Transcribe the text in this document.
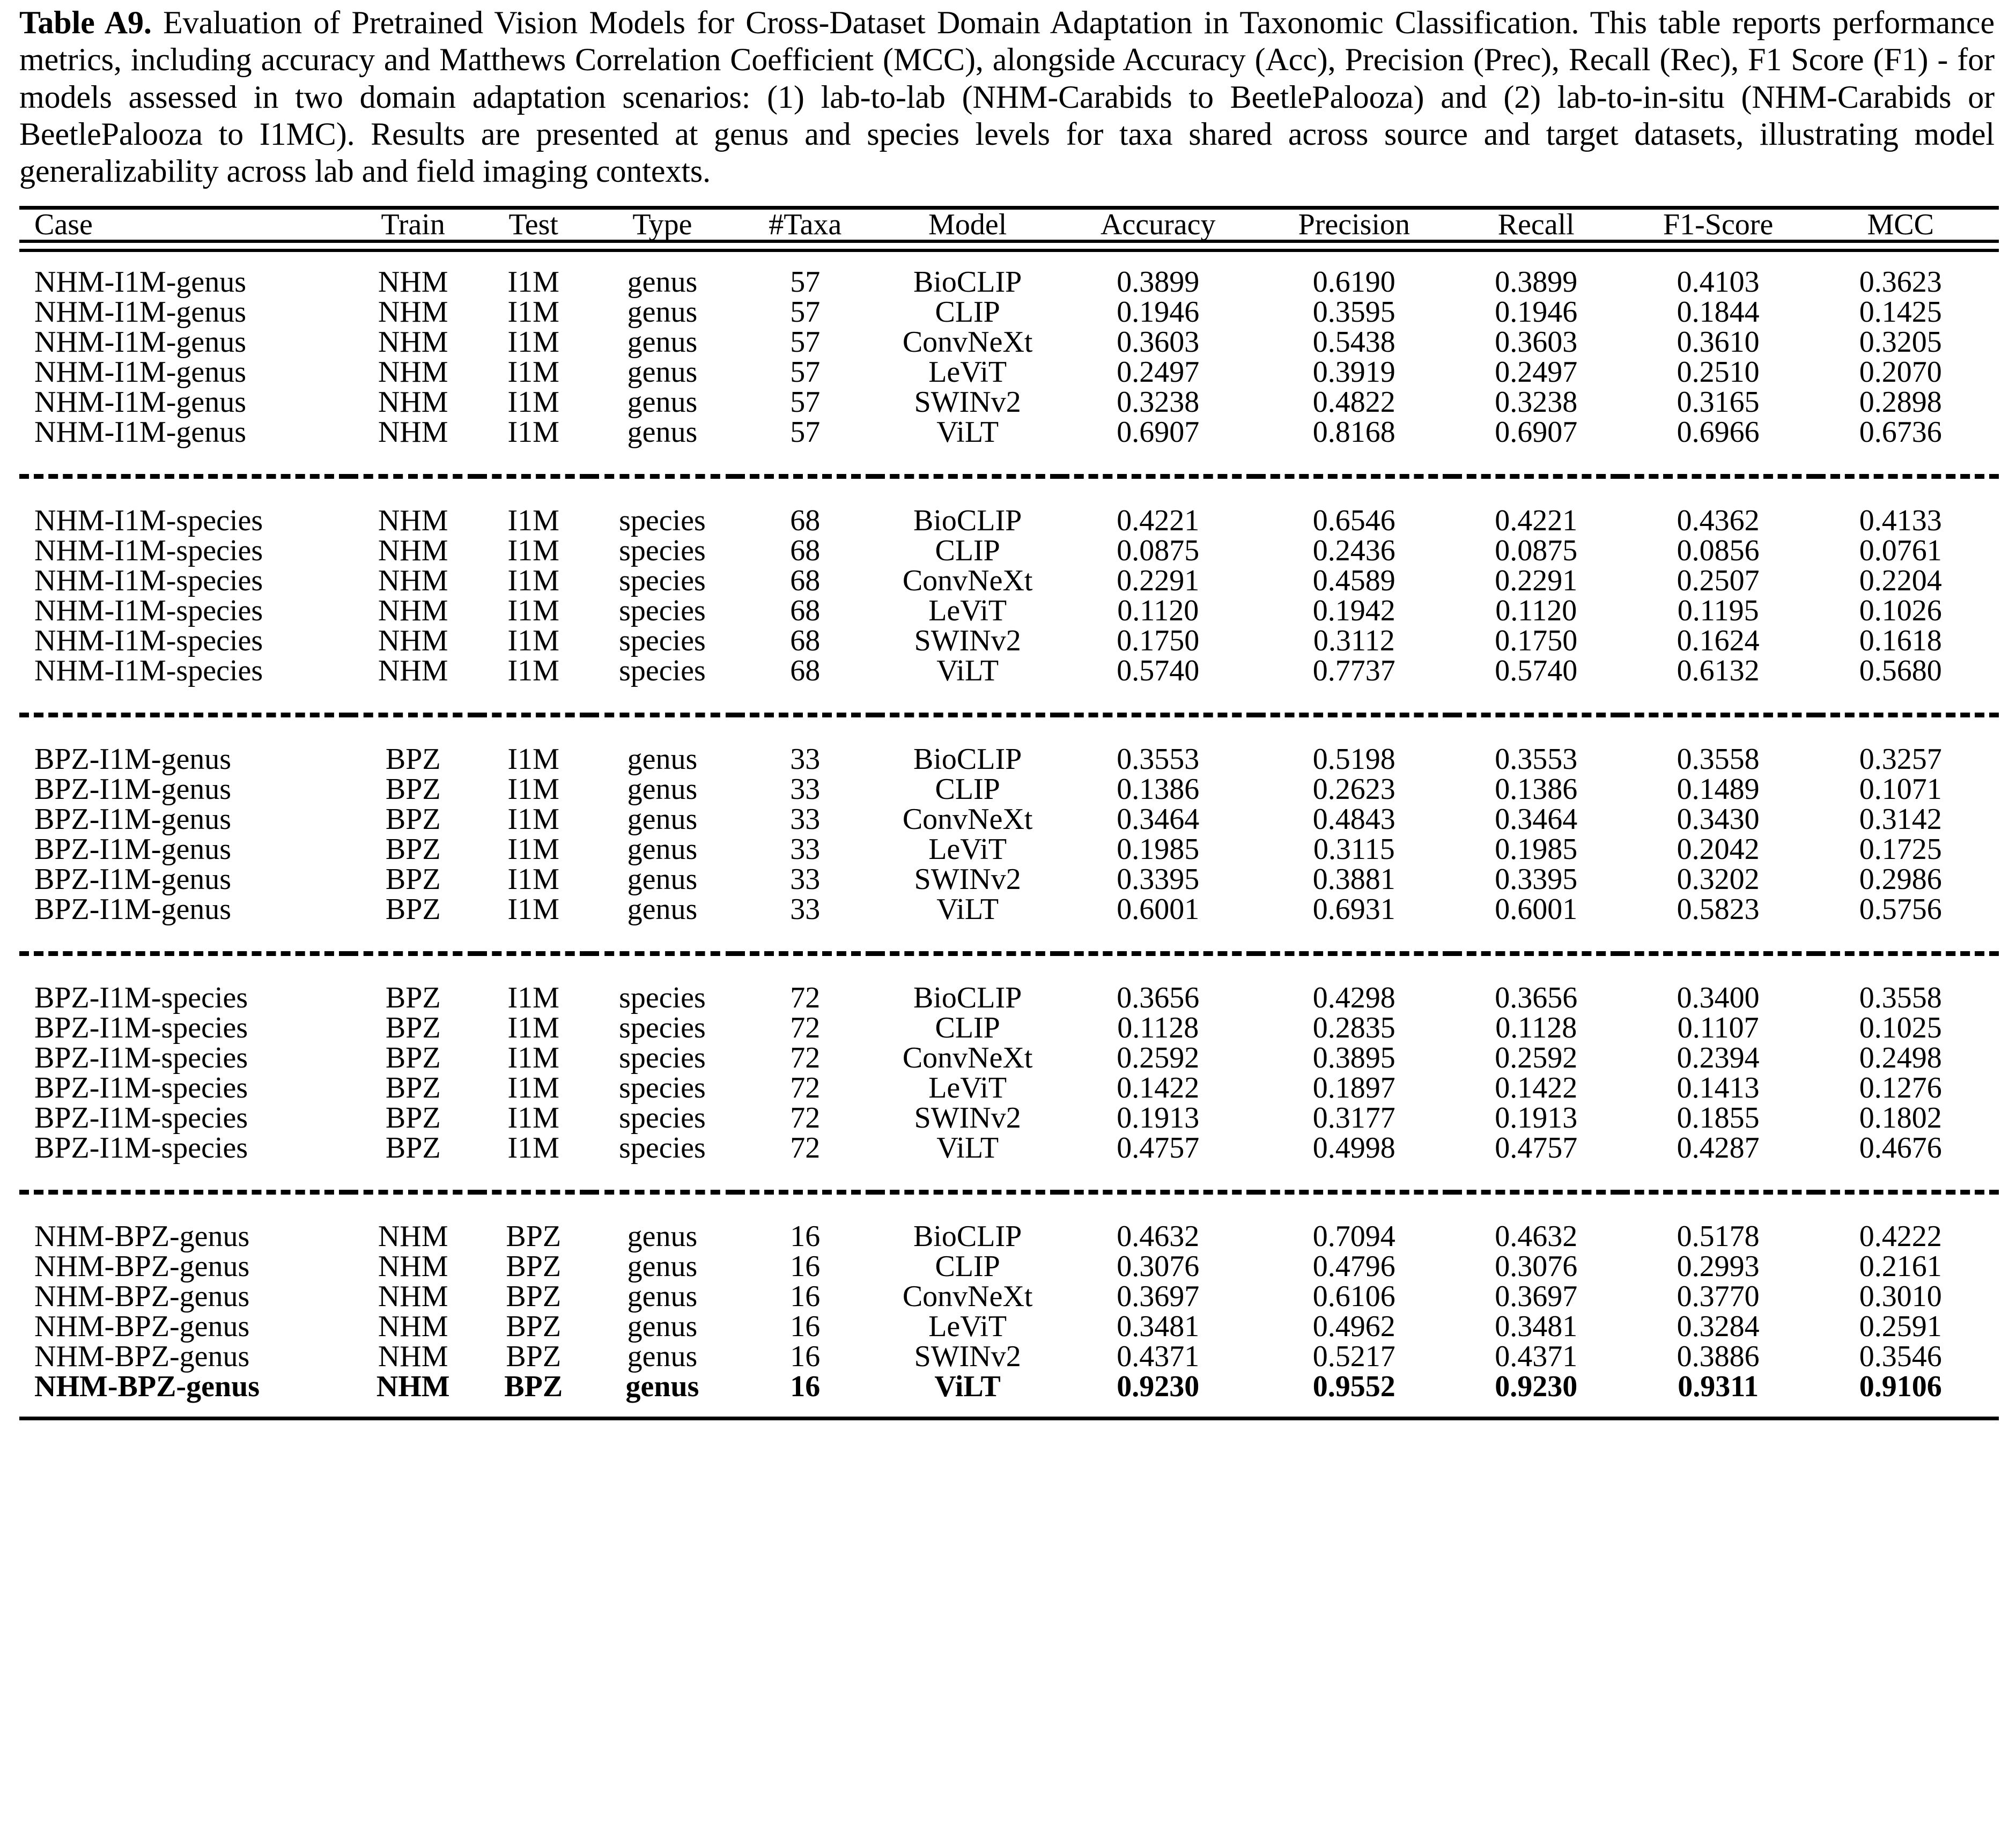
Table A9. Evaluation of Pretrained Vision Models for Cross-Dataset Domain Adaptation in Taxonomic Classification. This table reports performance metrics, including accuracy and Matthews Correlation Coefficient (MCC), alongside Accuracy (Acc), Precision (Prec), Recall (Rec), F1 Score (F1) - for models assessed in two domain adaptation scenarios: (1) lab-to-lab (NHM-Carabids to BeetlePalooza) and (2) lab-to-in-situ (NHM-Carabids or BeetlePalooza to I1MC). Results are presented at genus and species levels for taxa shared across source and target datasets, illustrating model generalizability across lab and field imaging contexts.
Case	Train	Test	Type	#Taxa	Model	Accuracy	Precision	Recall	F1-Score	MCC
NHM-I1M-genus	NHM	I1M	genus	57	BioCLIP	0.3899	0.6190	0.3899	0.4103	0.3623
NHM-I1M-genus	NHM	I1M	genus	57	CLIP	0.1946	0.3595	0.1946	0.1844	0.1425
NHM-I1M-genus	NHM	I1M	genus	57	ConvNeXt	0.3603	0.5438	0.3603	0.3610	0.3205
NHM-I1M-genus	NHM	I1M	genus	57	LeViT	0.2497	0.3919	0.2497	0.2510	0.2070
NHM-I1M-genus	NHM	I1M	genus	57	SWINv2	0.3238	0.4822	0.3238	0.3165	0.2898
NHM-I1M-genus	NHM	I1M	genus	57	ViLT	0.6907	0.8168	0.6907	0.6966	0.6736

NHM-I1M-species	NHM	I1M	species	68	BioCLIP	0.4221	0.6546	0.4221	0.4362	0.4133
NHM-I1M-species	NHM	I1M	species	68	CLIP	0.0875	0.2436	0.0875	0.0856	0.0761
NHM-I1M-species	NHM	I1M	species	68	ConvNeXt	0.2291	0.4589	0.2291	0.2507	0.2204
NHM-I1M-species	NHM	I1M	species	68	LeViT	0.1120	0.1942	0.1120	0.1195	0.1026
NHM-I1M-species	NHM	I1M	species	68	SWINv2	0.1750	0.3112	0.1750	0.1624	0.1618
NHM-I1M-species	NHM	I1M	species	68	ViLT	0.5740	0.7737	0.5740	0.6132	0.5680

BPZ-I1M-genus	BPZ	I1M	genus	33	BioCLIP	0.3553	0.5198	0.3553	0.3558	0.3257
BPZ-I1M-genus	BPZ	I1M	genus	33	CLIP	0.1386	0.2623	0.1386	0.1489	0.1071
BPZ-I1M-genus	BPZ	I1M	genus	33	ConvNeXt	0.3464	0.4843	0.3464	0.3430	0.3142
BPZ-I1M-genus	BPZ	I1M	genus	33	LeViT	0.1985	0.3115	0.1985	0.2042	0.1725
BPZ-I1M-genus	BPZ	I1M	genus	33	SWINv2	0.3395	0.3881	0.3395	0.3202	0.2986
BPZ-I1M-genus	BPZ	I1M	genus	33	ViLT	0.6001	0.6931	0.6001	0.5823	0.5756

BPZ-I1M-species	BPZ	I1M	species	72	BioCLIP	0.3656	0.4298	0.3656	0.3400	0.3558
BPZ-I1M-species	BPZ	I1M	species	72	CLIP	0.1128	0.2835	0.1128	0.1107	0.1025
BPZ-I1M-species	BPZ	I1M	species	72	ConvNeXt	0.2592	0.3895	0.2592	0.2394	0.2498
BPZ-I1M-species	BPZ	I1M	species	72	LeViT	0.1422	0.1897	0.1422	0.1413	0.1276
BPZ-I1M-species	BPZ	I1M	species	72	SWINv2	0.1913	0.3177	0.1913	0.1855	0.1802
BPZ-I1M-species	BPZ	I1M	species	72	ViLT	0.4757	0.4998	0.4757	0.4287	0.4676

NHM-BPZ-genus	NHM	BPZ	genus	16	BioCLIP	0.4632	0.7094	0.4632	0.5178	0.4222
NHM-BPZ-genus	NHM	BPZ	genus	16	CLIP	0.3076	0.4796	0.3076	0.2993	0.2161
NHM-BPZ-genus	NHM	BPZ	genus	16	ConvNeXt	0.3697	0.6106	0.3697	0.3770	0.3010
NHM-BPZ-genus	NHM	BPZ	genus	16	LeViT	0.3481	0.4962	0.3481	0.3284	0.2591
NHM-BPZ-genus	NHM	BPZ	genus	16	SWINv2	0.4371	0.5217	0.4371	0.3886	0.3546
NHM-BPZ-genus	NHM	BPZ	genus	16	ViLT	0.9230	0.9552	0.9230	0.9311	0.9106
